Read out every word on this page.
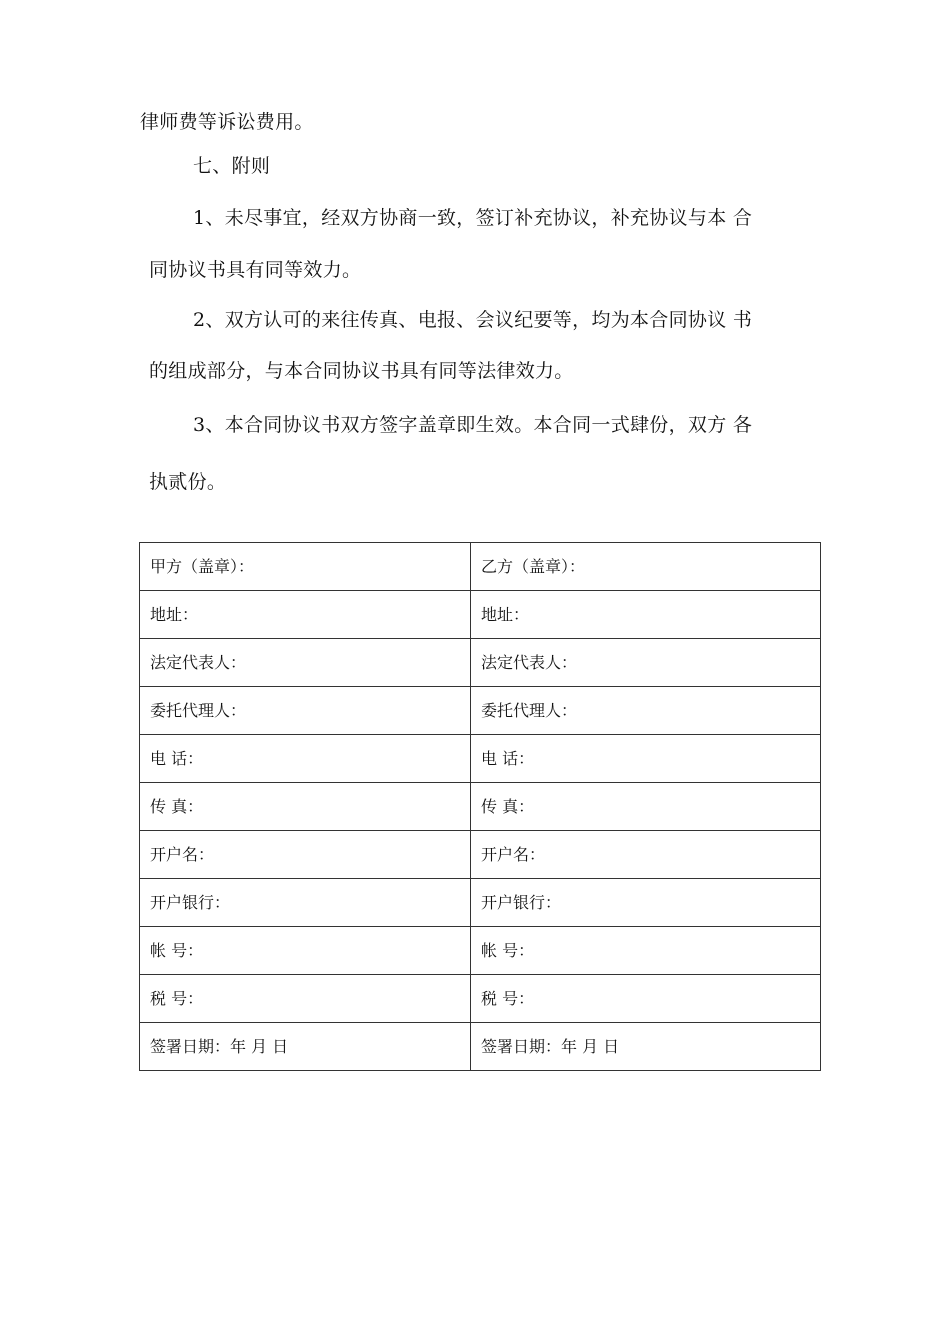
律师费等诉讼费用。
七、附则
1、未尽事宜，经双方协商一致，签订补充协议，补充协议与本 合
同协议书具有同等效力。
2、双方认可的来往传真、电报、会议纪要等，均为本合同协议 书
的组成部分，与本合同协议书具有同等法律效力。
3、本合同协议书双方签字盖章即生效。本合同一式肆份，双方 各
执贰份。
甲方（盖章）：	乙方（盖章）：
地址：	地址：
法定代表人：	法定代表人：
委托代理人：	委托代理人：
电 话：	电 话：
传 真：	传 真：
开户名：	开户名：
开户银行：	开户银行：
帐 号：	帐 号：
税 号：	税 号：
签署日期：年 月 日	签署日期：年 月 日
